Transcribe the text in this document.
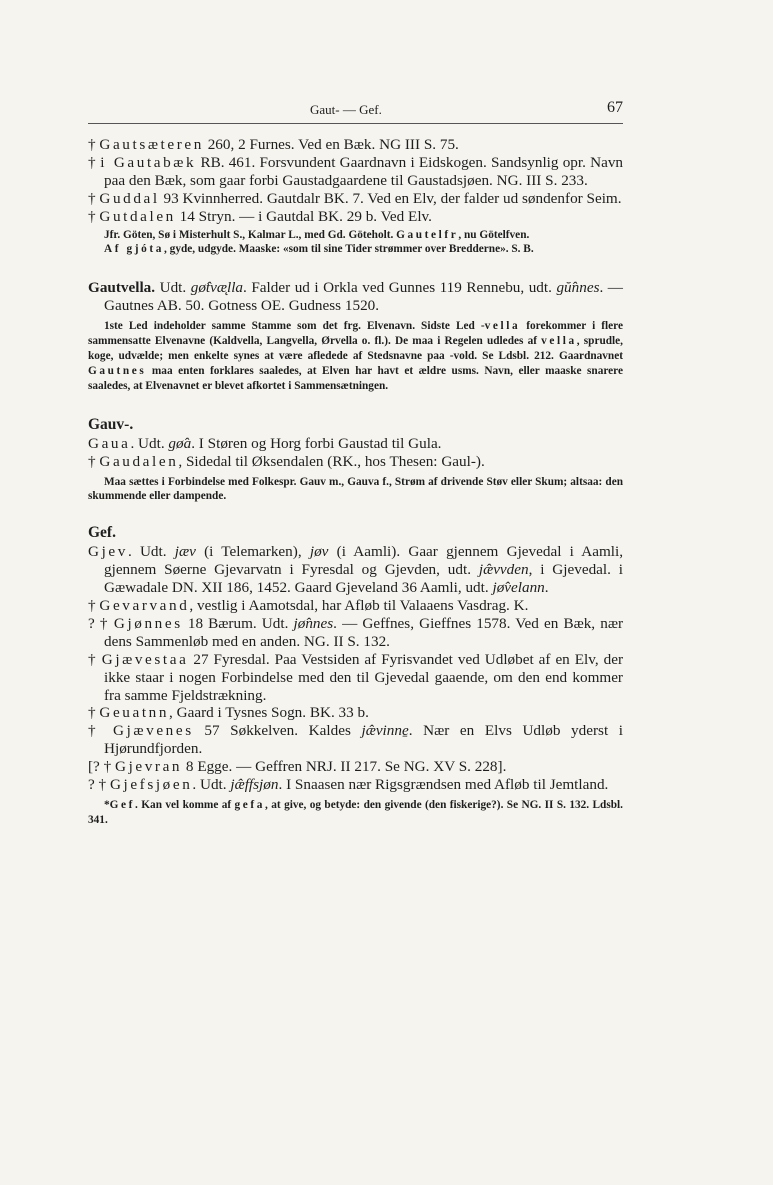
Gaut- — Gef.	67

† Gautsæteren 260, 2 Furnes. Ved en Bæk. NG III S. 75.

† i Gautabæk RB. 461. Forsvundent Gaardnavn i Eidskogen. Sandsynlig opr. Navn paa den Bæk, som gaar forbi Gaustadgaardene til Gaustadsjøen. NG. III S. 233.

† Guddal 93 Kvinnherred. Gautdalr BK. 7. Ved en Elv, der falder ud søndenfor Seim.

† Gutdalen 14 Stryn. — i Gautdal BK. 29 b. Ved Elv.

Jfr. Göten, Sø i Misterhult S., Kalmar L., med Gd. Göteholt. Gautelfr, nu Götelfven.

Af gjóta, gyde, udgyde. Maaske: «som til sine Tider strømmer over Bredderne». S. B.

Gautvella. Udt. gø̂tvæ̨lla. Falder ud i Orkla ved Gunnes 119 Rennebu, udt. gŭ̂nnes. — Gautnes AB. 50. Gotness OE. Gudness 1520.

1ste Led indeholder samme Stamme som det frg. Elvenavn. Sidste Led -vella forekommer i flere sammensatte Elvenavne (Kaldvella, Langvella, Ørvella o. fl.). De maa i Regelen udledes af vella, sprudle, koge, udvælde; men enkelte synes at være afledede af Stedsnavne paa -vold. Se Ldsbl. 212. Gaardnavnet Gautnes maa enten forklares saaledes, at Elven har havt et ældre usms. Navn, eller maaske snarere saaledes, at Elvenavnet er blevet afkortet i Sammensætningen.

Gauv-.

Gaua. Udt. gø̂a. I Støren og Horg forbi Gaustad til Gula.

† Gaudalen, Sidedal til Øksendalen (RK., hos Thesen: Gaul-).

Maa sættes i Forbindelse med Folkespr. Gauv m., Gauva f., Strøm af drivende Støv eller Skum; altsaa: den skummende eller dampende.

Gef.

Gjev. Udt. jæv (i Telemarken), jøv (i Aamli). Gaar gjennem Gjevedal i Aamli, gjennem Søerne Gjevarvatn i Fyresdal og Gjevden, udt. jæ̂vvden, i Gjevedal. i Gæwadale DN. XII 186, 1452. Gaard Gjeveland 36 Aamli, udt. jø̂velann.

† Gevarvand, vestlig i Aamotsdal, har Afløb til Valaaens Vasdrag. K.

? † Gjønnes 18 Bærum. Udt. jø̂nnes. — Geffnes, Gieffnes 1578. Ved en Bæk, nær dens Sammenløb med en anden. NG. II S. 132.

† Gjævestaa 27 Fyresdal. Paa Vestsiden af Fyrisvandet ved Udløbet af en Elv, der ikke staar i nogen Forbindelse med den til Gjevedal gaaende, om den end kommer fra samme Fjeldstrækning.

† Geuatnn, Gaard i Tysnes Sogn. BK. 33 b.

† Gjævenes 57 Søkkelven. Kaldes jæ̂vinne̱. Nær en Elvs Udløb yderst i Hjørundfjorden.

[? † Gjevran 8 Egge. — Geffren NRJ. II 217. Se NG. XV S. 228].

? † Gjefsjøen. Udt. jæ̂ffsjøn. I Snaasen nær Rigsgrændsen med Afløb til Jemtland.

*Gef. Kan vel komme af gefa, at give, og betyde: den givende (den fiskerige?). Se NG. II S. 132. Ldsbl. 341.
